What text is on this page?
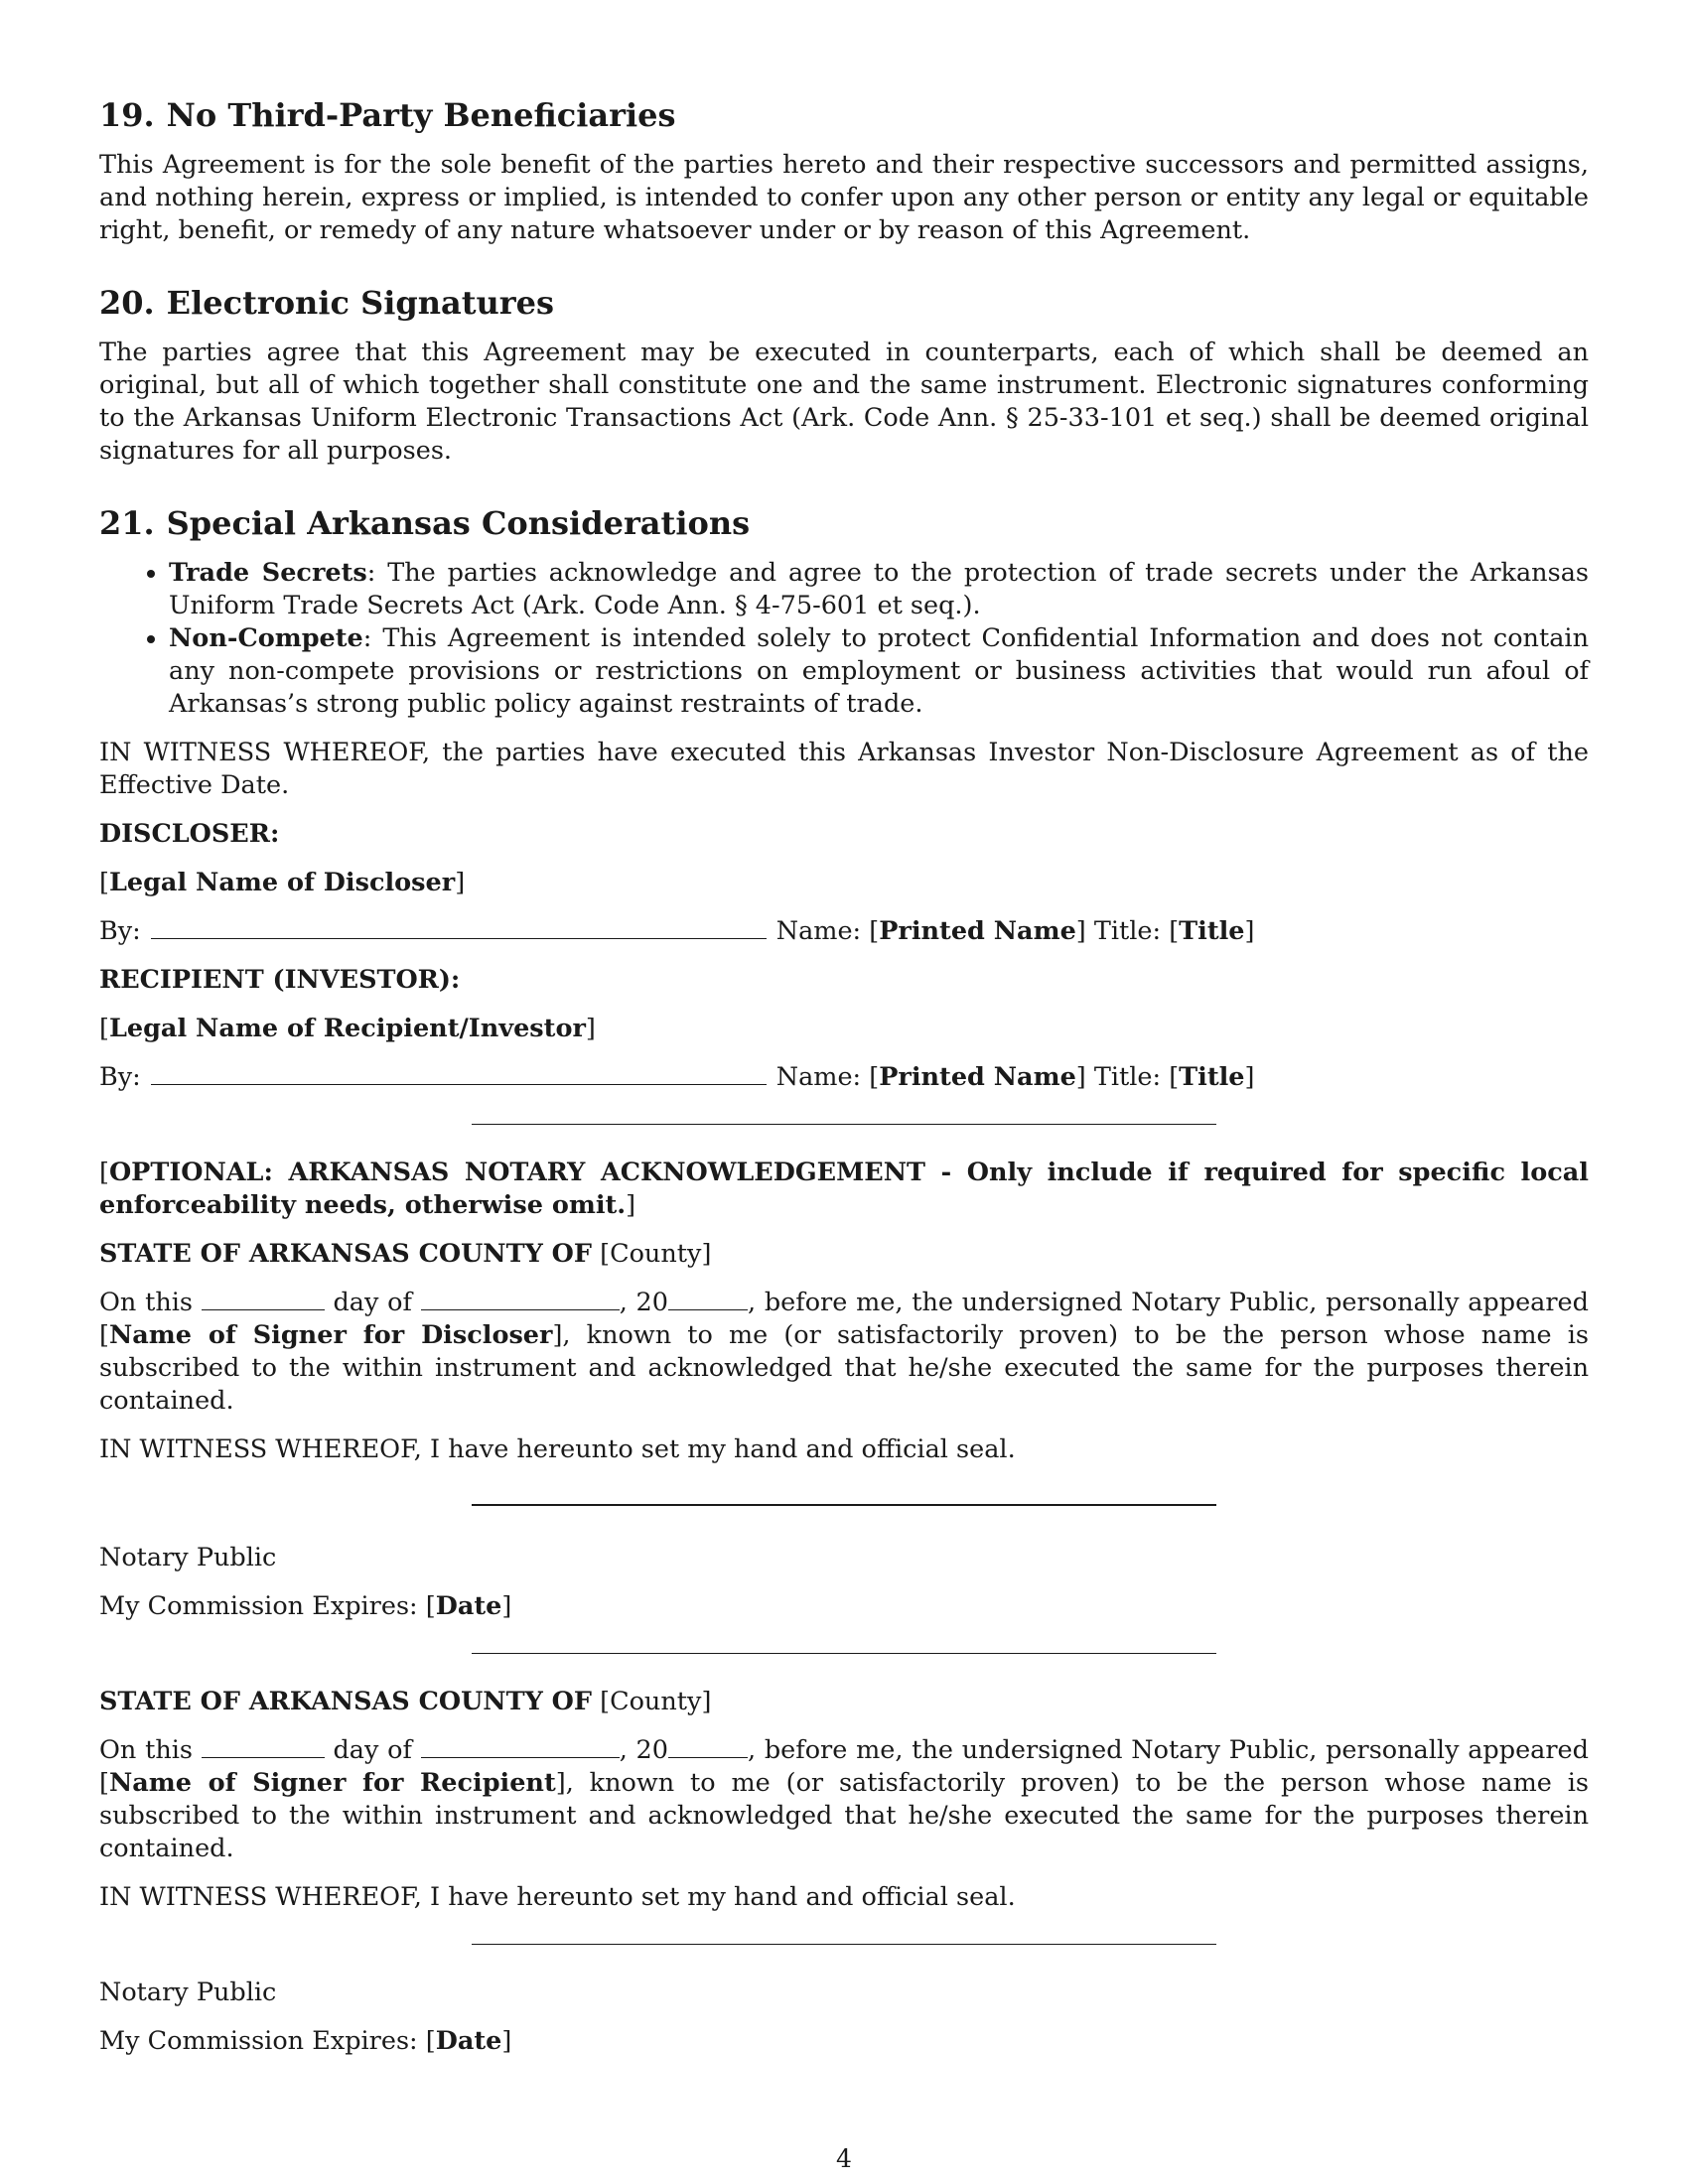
19. No Third-Party Beneficiaries

This Agreement is for the sole benefit of the parties hereto and their respective successors and permitted assigns, and nothing herein, express or implied, is intended to confer upon any other person or entity any legal or equitable right, benefit, or remedy of any nature whatsoever under or by reason of this Agreement.

20. Electronic Signatures

The parties agree that this Agreement may be executed in counterparts, each of which shall be deemed an original, but all of which together shall constitute one and the same instrument. Electronic signatures conforming to the Arkansas Uniform Electronic Transactions Act (Ark. Code Ann. § 25-33-101 et seq.) shall be deemed original signatures for all purposes.

21. Special Arkansas Considerations
• Trade Secrets: The parties acknowledge and agree to the protection of trade secrets under the Arkansas Uniform Trade Secrets Act (Ark. Code Ann. § 4-75-601 et seq.).
• Non-Compete: This Agreement is intended solely to protect Confidential Information and does not contain any non-compete provisions or restrictions on employment or business activities that would run afoul of Arkansas’s strong public policy against restraints of trade.

IN WITNESS WHEREOF, the parties have executed this Arkansas Investor Non-Disclosure Agreement as of the Effective Date.

DISCLOSER:

[Legal Name of Discloser]

By:	Name: [Printed Name] Title: [Title]

RECIPIENT (INVESTOR):

[Legal Name of Recipient/Investor]

By:	Name: [Printed Name] Title: [Title]

[OPTIONAL: ARKANSAS NOTARY ACKNOWLEDGEMENT - Only include if required for specific local enforceability needs, otherwise omit.]

STATE OF ARKANSAS COUNTY OF [County]

On this	day of	, 20	, before me, the undersigned Notary Public, personally appeared [Name of Signer for Discloser], known to me (or satisfactorily proven) to be the person whose name is subscribed to the within instrument and acknowledged that he/she executed the same for the purposes therein contained.

IN WITNESS WHEREOF, I have hereunto set my hand and official seal.

Notary Public

My Commission Expires: [Date]

STATE OF ARKANSAS COUNTY OF [County]

On this	day of	, 20	, before me, the undersigned Notary Public, personally appeared [Name of Signer for Recipient], known to me (or satisfactorily proven) to be the person whose name is subscribed to the within instrument and acknowledged that he/she executed the same for the purposes therein contained.

IN WITNESS WHEREOF, I have hereunto set my hand and official seal.

Notary Public

My Commission Expires: [Date]

4
